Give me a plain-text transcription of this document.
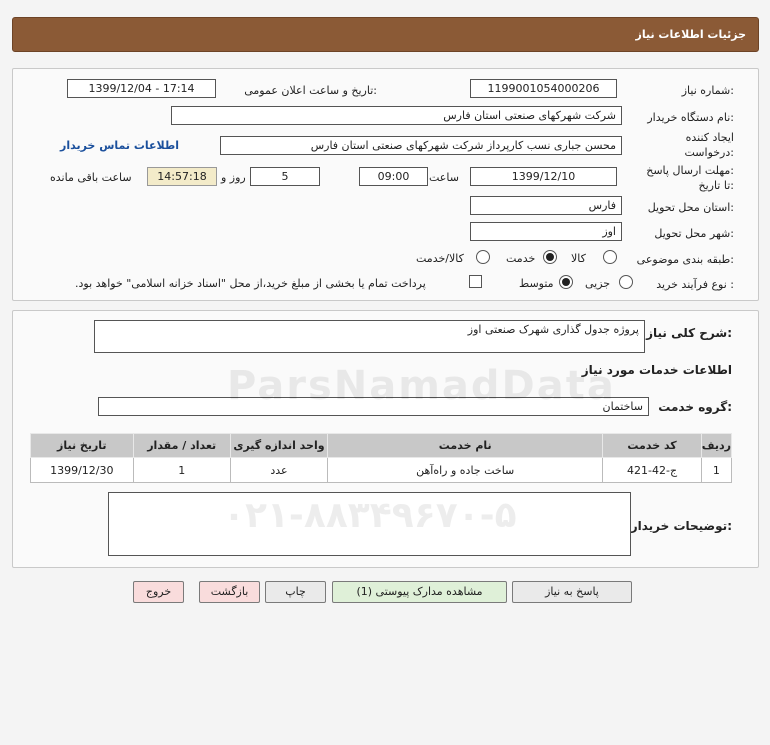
جزئیات اطلاعات نیاز
شماره نیاز:
1199001054000206
تاریخ و ساعت اعلان عمومی:
1399/12/04 - 17:14
نام دستگاه خریدار:
شرکت شهرکهای صنعتی استان فارس
ایجاد کننده
درخواست:
محسن جباری نسب کارپرداز شرکت شهرکهای صنعتی استان فارس
اطلاعات تماس خریدار
مهلت ارسال پاسخ:
تا تاریخ:
1399/12/10
ساعت
09:00
5
روز و
14:57:18
ساعت باقی مانده
استان محل تحویل:
فارس
شهر محل تحویل:
اوز
طبقه بندی موضوعی:
کالا
خدمت
کالا/خدمت
نوع فرآیند خرید :
جزیی
متوسط
پرداخت تمام یا بخشی از مبلغ خرید،از محل "اسناد خزانه اسلامی" خواهد بود.
شرح کلی نیاز:
پروژه جدول گذاری شهرک صنعتی اوز
اطلاعات خدمات مورد نیاز
گروه خدمت:
ساختمان
ردیف	کد خدمت	نام خدمت	واحد اندازه گیری	تعداد / مقدار	تاریخ نیاز
1	ج-42-421	ساخت جاده و راه‌آهن	عدد	1	1399/12/30
توضیحات خریدار:
ParsNamadData
پاسخ به نیاز
مشاهده مدارک پیوستی (1)
چاپ
بازگشت
خروج
